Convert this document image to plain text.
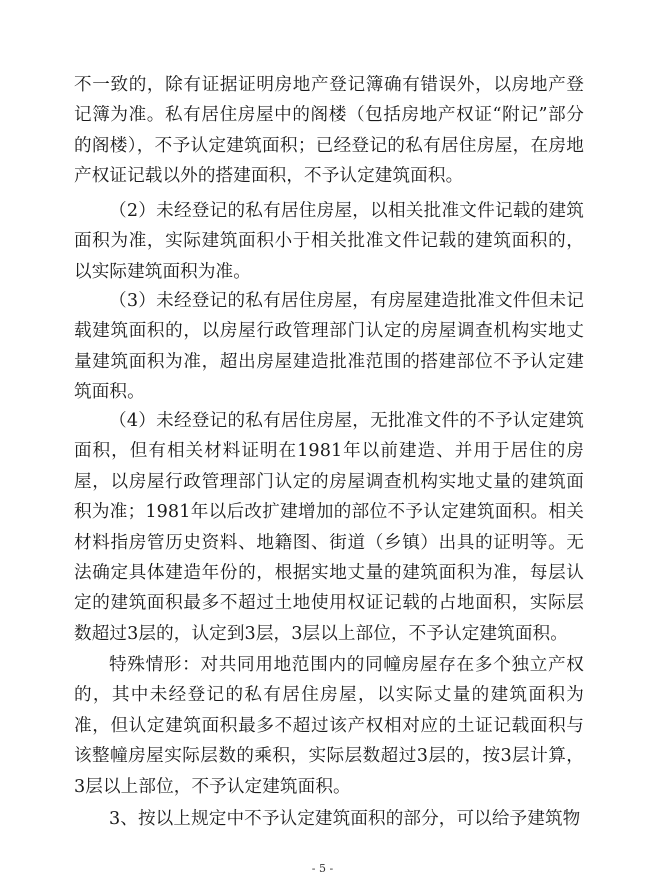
不一致的，除有证据证明房地产登记簿确有错误外，以房地产登记簿为准。私有居住房屋中的阁楼（包括房地产权证“附记”部分的阁楼），不予认定建筑面积；已经登记的私有居住房屋，在房地产权证记载以外的搭建面积，不予认定建筑面积。

（2）未经登记的私有居住房屋，以相关批准文件记载的建筑面积为准，实际建筑面积小于相关批准文件记载的建筑面积的，以实际建筑面积为准。

（3）未经登记的私有居住房屋，有房屋建造批准文件但未记载建筑面积的，以房屋行政管理部门认定的房屋调查机构实地丈量建筑面积为准，超出房屋建造批准范围的搭建部位不予认定建筑面积。

（4）未经登记的私有居住房屋，无批准文件的不予认定建筑面积，但有相关材料证明在1981年以前建造、并用于居住的房屋，以房屋行政管理部门认定的房屋调查机构实地丈量的建筑面积为准；1981年以后改扩建增加的部位不予认定建筑面积。相关材料指房管历史资料、地籍图、街道（乡镇）出具的证明等。无法确定具体建造年份的，根据实地丈量的建筑面积为准，每层认定的建筑面积最多不超过土地使用权证记载的占地面积，实际层数超过3层的，认定到3层，3层以上部位，不予认定建筑面积。

特殊情形：对共同用地范围内的同幢房屋存在多个独立产权的，其中未经登记的私有居住房屋，以实际丈量的建筑面积为准，但认定建筑面积最多不超过该产权相对应的土证记载面积与该整幢房屋实际层数的乘积，实际层数超过3层的，按3层计算，3层以上部位，不予认定建筑面积。

3、按以上规定中不予认定建筑面积的部分，可以给予建筑物

- 5 -
